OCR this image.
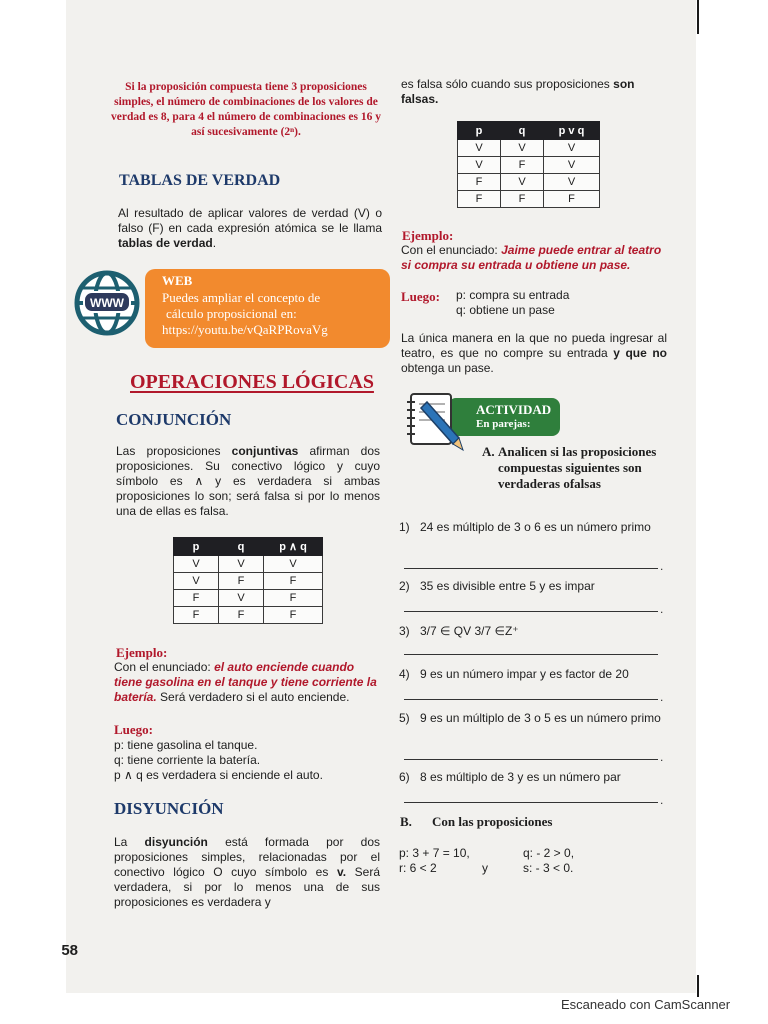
Si la proposición compuesta tiene 3 proposiciones simples, el número de combinaciones de los valores de verdad es 8, para 4 el número de combinaciones es 16 y así sucesivamente (2ⁿ).
TABLAS DE VERDAD
Al resultado de aplicar valores de verdad (V) o falso (F) en cada expresión atómica se le llama tablas de verdad.
WWW
WEB
Puedes ampliar el concepto de
cálculo proposicional en:
https://youtu.be/vQaRPRovaVg
OPERACIONES LÓGICAS
CONJUNCIÓN
Las proposiciones conjuntivas afirman dos proposiciones. Su conectivo lógico y cuyo símbolo es ∧ y es verdadera si ambas proposiciones lo son; será falsa si por lo menos una de ellas es falsa.
p	q	p ∧ q
V	V	V
V	F	F
F	V	F
F	F	F
Ejemplo:
Con el enunciado: el auto enciende cuando tiene gasolina en el tanque y tiene corriente la batería. Será verdadero si el auto enciende.
Luego:
p: tiene gasolina el tanque.
q: tiene corriente la batería.
p ∧ q es verdadera si enciende el auto.
DISYUNCIÓN
La disyunción está formada por dos proposiciones simples, relacionadas por el conectivo lógico O cuyo símbolo es v. Será verdadera, si por lo menos una de sus proposiciones es verdadera y
58
es falsa sólo cuando sus proposiciones son falsas.
p	q	p v q
V	V	V
V	F	V
F	V	V
F	F	F
Ejemplo:
Con el enunciado: Jaime puede entrar al teatro si compra su entrada u obtiene un pase.
Luego: p: compra su entrada
q: obtiene un pase
La única manera en la que no pueda ingresar al teatro, es que no compre su entrada y que no obtenga un pase.
ACTIVIDAD
En parejas:
A. Analicen si las proposiciones compuestas siguientes son verdaderas ofalsas
1) 24 es múltiplo de 3 o 6 es un número primo
.
2) 35 es divisible entre 5 y es impar
.
3) 3/7 ∈ QV 3/7 ∈Z⁺
4) 9 es un número impar y es factor de 20
.
5) 9 es un múltiplo de 3 o 5 es un número primo
.
6) 8 es múltiplo de 3 y es un número par
.
B. Con las proposiciones
p: 3 + 7 = 10,	q: - 2 > 0,
r: 6 < 2	y	s: - 3 < 0.
Escaneado con CamScanner
